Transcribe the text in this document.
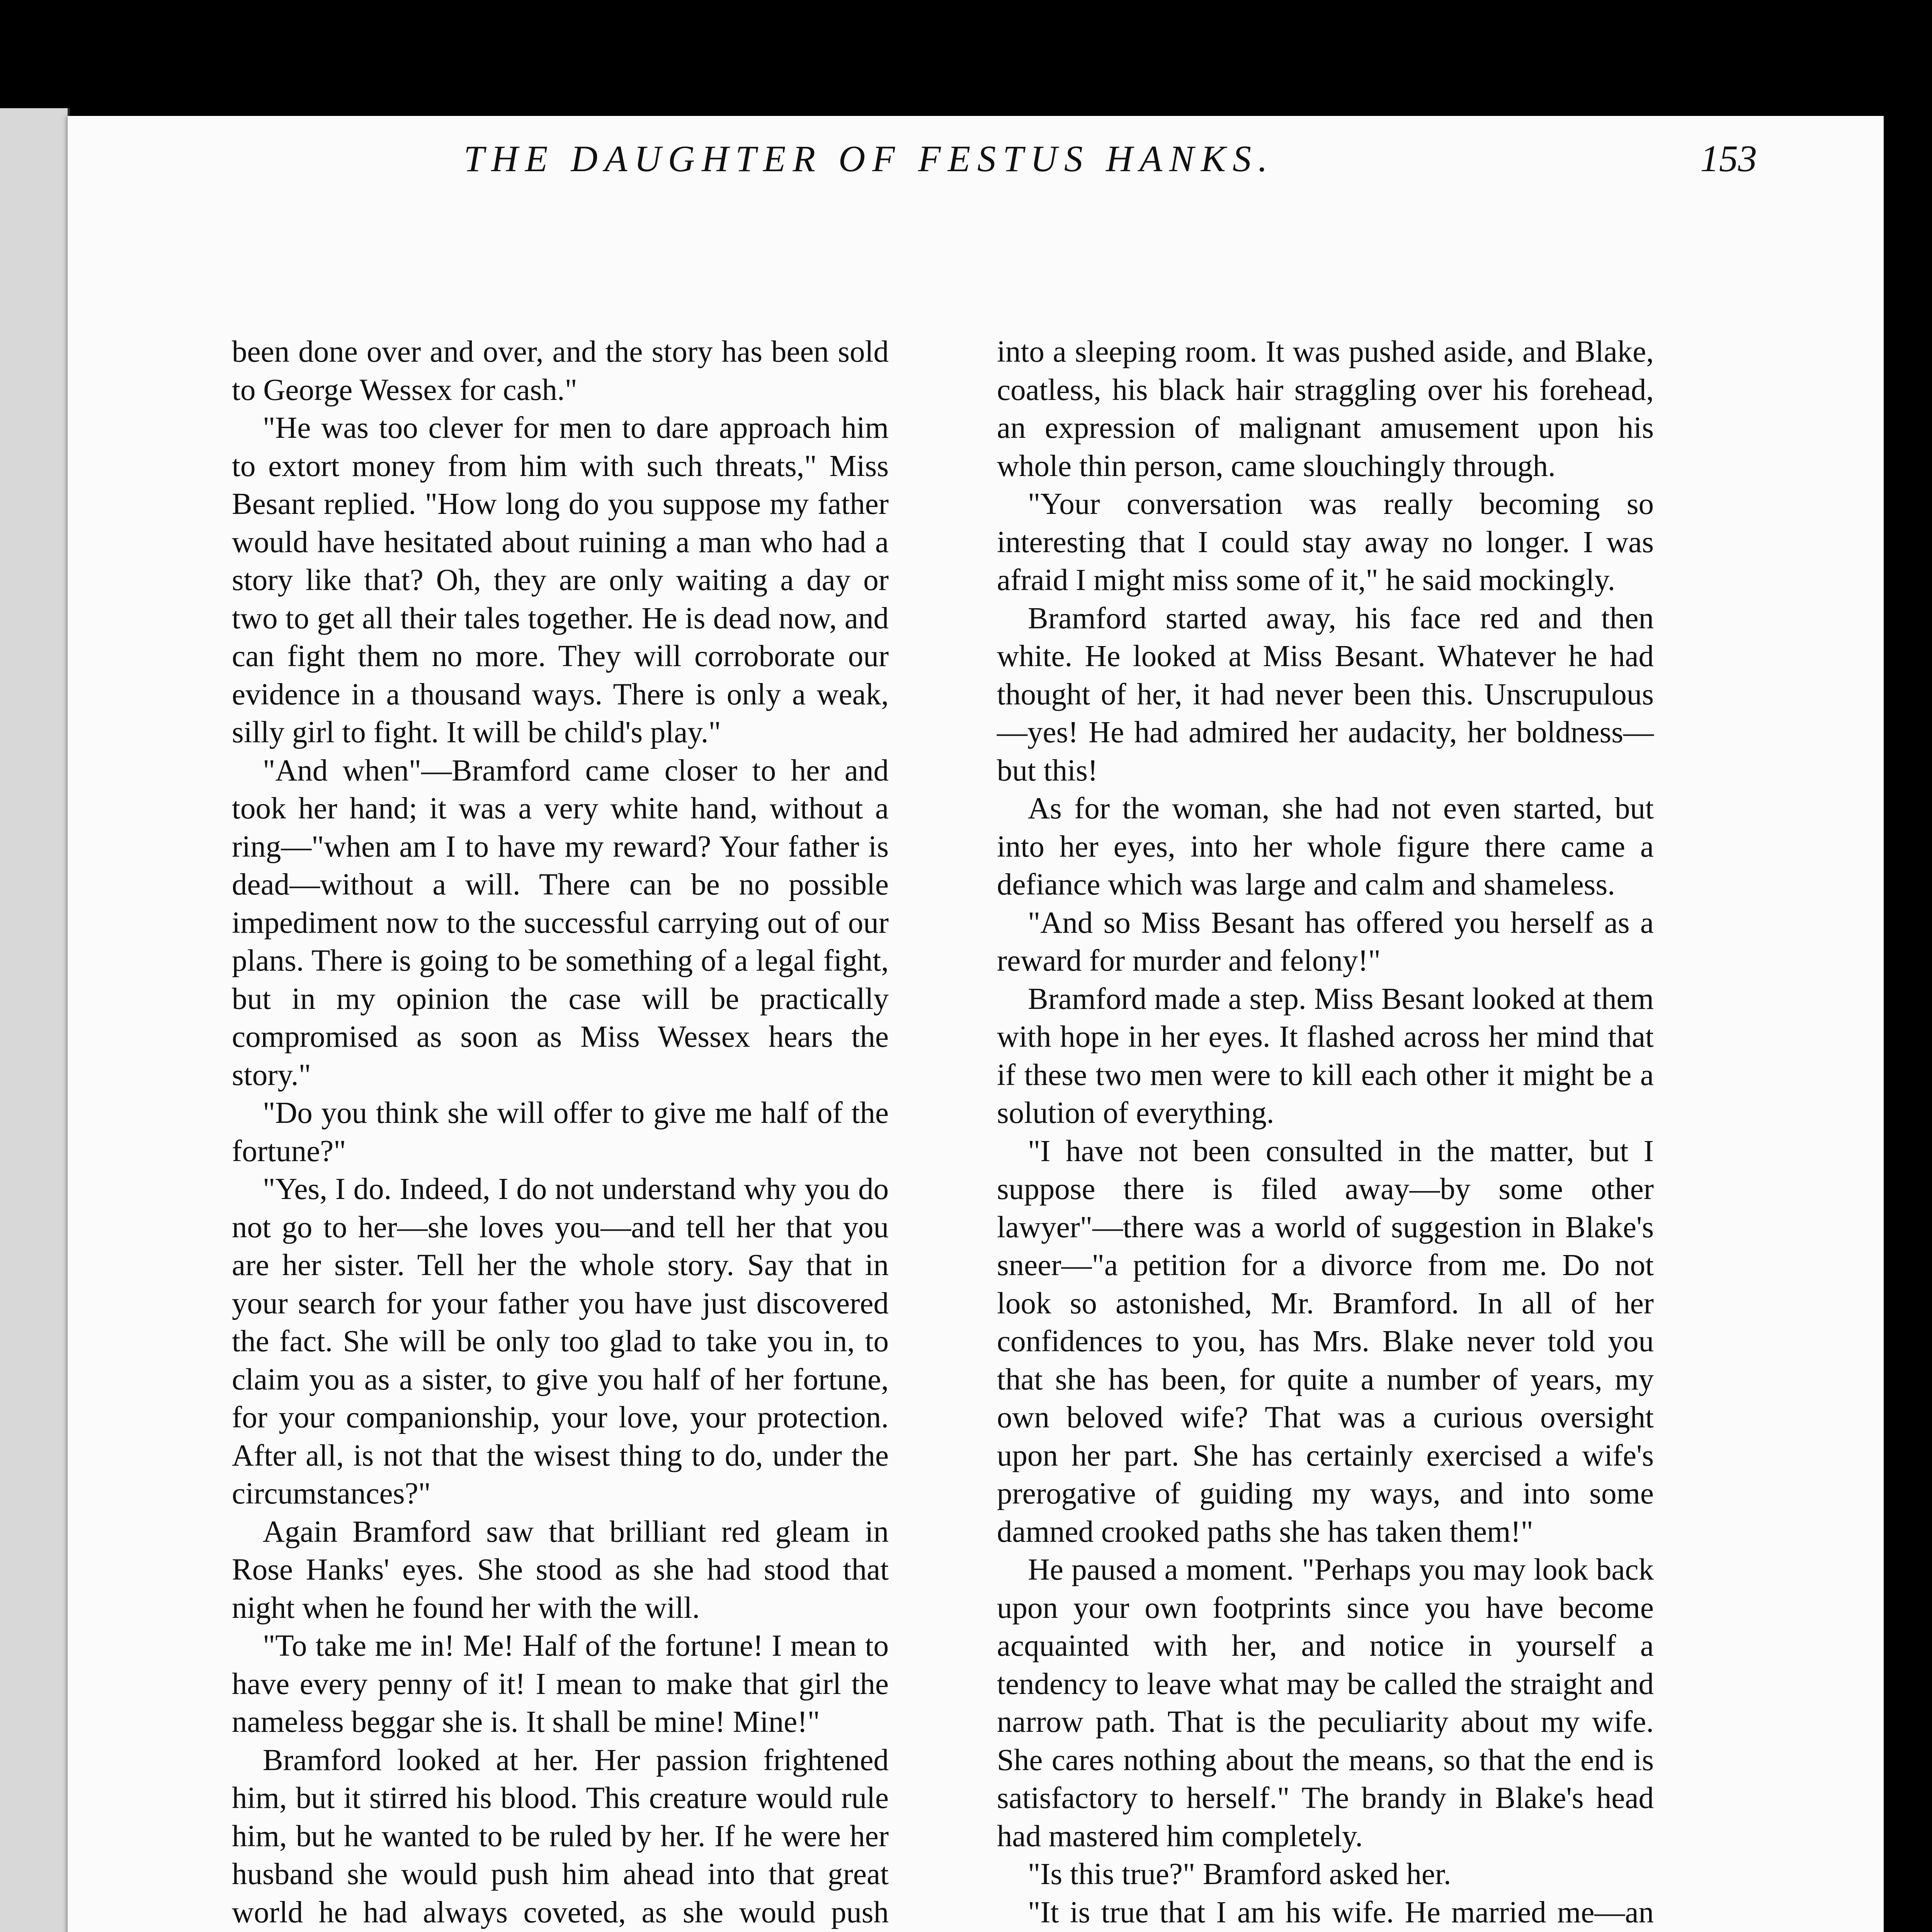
THE DAUGHTER OF FESTUS HANKS.	153

been done over and over, and the story has been sold to George Wessex for cash."

"He was too clever for men to dare approach him to extort money from him with such threats," Miss Besant replied. "How long do you suppose my father would have hesitated about ruining a man who had a story like that? Oh, they are only waiting a day or two to get all their tales together. He is dead now, and can fight them no more. They will corroborate our evidence in a thousand ways. There is only a weak, silly girl to fight. It will be child's play."

"And when"—Bramford came closer to her and took her hand; it was a very white hand, without a ring—"when am I to have my reward? Your father is dead—without a will. There can be no possible impediment now to the successful carrying out of our plans. There is going to be something of a legal fight, but in my opinion the case will be practically compromised as soon as Miss Wessex hears the story."

"Do you think she will offer to give me half of the fortune?"

"Yes, I do. Indeed, I do not understand why you do not go to her—she loves you—and tell her that you are her sister. Tell her the whole story. Say that in your search for your father you have just discovered the fact. She will be only too glad to take you in, to claim you as a sister, to give you half of her fortune, for your companionship, your love, your protection. After all, is not that the wisest thing to do, under the circumstances?"

Again Bramford saw that brilliant red gleam in Rose Hanks' eyes. She stood as she had stood that night when he found her with the will.

"To take me in! Me! Half of the fortune! I mean to have every penny of it! I mean to make that girl the nameless beggar she is. It shall be mine! Mine!"

Bramford looked at her. Her passion frightened him, but it stirred his blood. This creature would rule him, but he wanted to be ruled by her. If he were her husband she would push him ahead into that great world he had always coveted, as she would push

into a sleeping room. It was pushed aside, and Blake, coatless, his black hair straggling over his forehead, an expression of malignant amusement upon his whole thin person, came slouchingly through.

"Your conversation was really becoming so interesting that I could stay away no longer. I was afraid I might miss some of it," he said mockingly.

Bramford started away, his face red and then white. He looked at Miss Besant. Whatever he had thought of her, it had never been this. Unscrupulous—yes! He had admired her audacity, her boldness—but this!

As for the woman, she had not even started, but into her eyes, into her whole figure there came a defiance which was large and calm and shameless.

"And so Miss Besant has offered you herself as a reward for murder and felony!"

Bramford made a step. Miss Besant looked at them with hope in her eyes. It flashed across her mind that if these two men were to kill each other it might be a solution of everything.

"I have not been consulted in the matter, but I suppose there is filed away—by some other lawyer"—there was a world of suggestion in Blake's sneer—"a petition for a divorce from me. Do not look so astonished, Mr. Bramford. In all of her confidences to you, has Mrs. Blake never told you that she has been, for quite a number of years, my own beloved wife? That was a curious oversight upon her part. She has certainly exercised a wife's prerogative of guiding my ways, and into some damned crooked paths she has taken them!"

He paused a moment. "Perhaps you may look back upon your own footprints since you have become acquainted with her, and notice in yourself a tendency to leave what may be called the straight and narrow path. That is the peculiarity about my wife. She cares nothing about the means, so that the end is satisfactory to herself." The brandy in Blake's head had mastered him completely.

"Is this true?" Bramford asked her.

"It is true that I am his wife. He married me—an
